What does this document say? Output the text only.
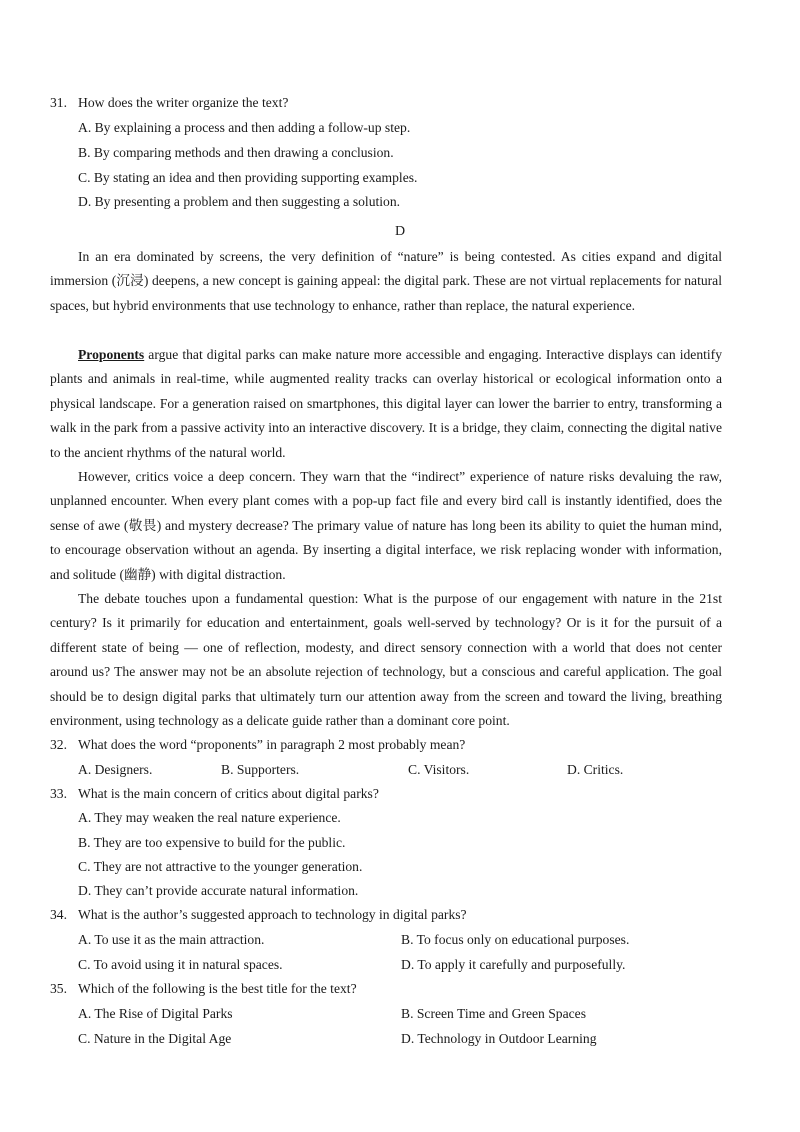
31. How does the writer organize the text?
A. By explaining a process and then adding a follow-up step.
B. By comparing methods and then drawing a conclusion.
C. By stating an idea and then providing supporting examples.
D. By presenting a problem and then suggesting a solution.
D

In an era dominated by screens, the very definition of “nature” is being contested. As cities expand and digital immersion (沉浸) deepens, a new concept is gaining appeal: the digital park. These are not virtual replacements for natural spaces, but hybrid environments that use technology to enhance, rather than replace, the natural experience.

Proponents argue that digital parks can make nature more accessible and engaging. Interactive displays can identify plants and animals in real-time, while augmented reality tracks can overlay historical or ecological information onto a physical landscape. For a generation raised on smartphones, this digital layer can lower the barrier to entry, transforming a walk in the park from a passive activity into an interactive discovery. It is a bridge, they claim, connecting the digital native to the ancient rhythms of the natural world.

However, critics voice a deep concern. They warn that the “indirect” experience of nature risks devaluing the raw, unplanned encounter. When every plant comes with a pop-up fact file and every bird call is instantly identified, does the sense of awe (敬畏) and mystery decrease? The primary value of nature has long been its ability to quiet the human mind, to encourage observation without an agenda. By inserting a digital interface, we risk replacing wonder with information, and solitude (幽静) with digital distraction.

The debate touches upon a fundamental question: What is the purpose of our engagement with nature in the 21st century? Is it primarily for education and entertainment, goals well-served by technology? Or is it for the pursuit of a different state of being — one of reflection, modesty, and direct sensory connection with a world that does not center around us? The answer may not be an absolute rejection of technology, but a conscious and careful application. The goal should be to design digital parks that ultimately turn our attention away from the screen and toward the living, breathing environment, using technology as a delicate guide rather than a dominant core point.

32. What does the word “proponents” in paragraph 2 most probably mean?
A. Designers.	B. Supporters.	C. Visitors.	D. Critics.
33. What is the main concern of critics about digital parks?
A. They may weaken the real nature experience.
B. They are too expensive to build for the public.
C. They are not attractive to the younger generation.
D. They can’t provide accurate natural information.
34. What is the author’s suggested approach to technology in digital parks?
A. To use it as the main attraction.	B. To focus only on educational purposes.
C. To avoid using it in natural spaces.	D. To apply it carefully and purposefully.
35. Which of the following is the best title for the text?
A. The Rise of Digital Parks	B. Screen Time and Green Spaces
C. Nature in the Digital Age	D. Technology in Outdoor Learning
